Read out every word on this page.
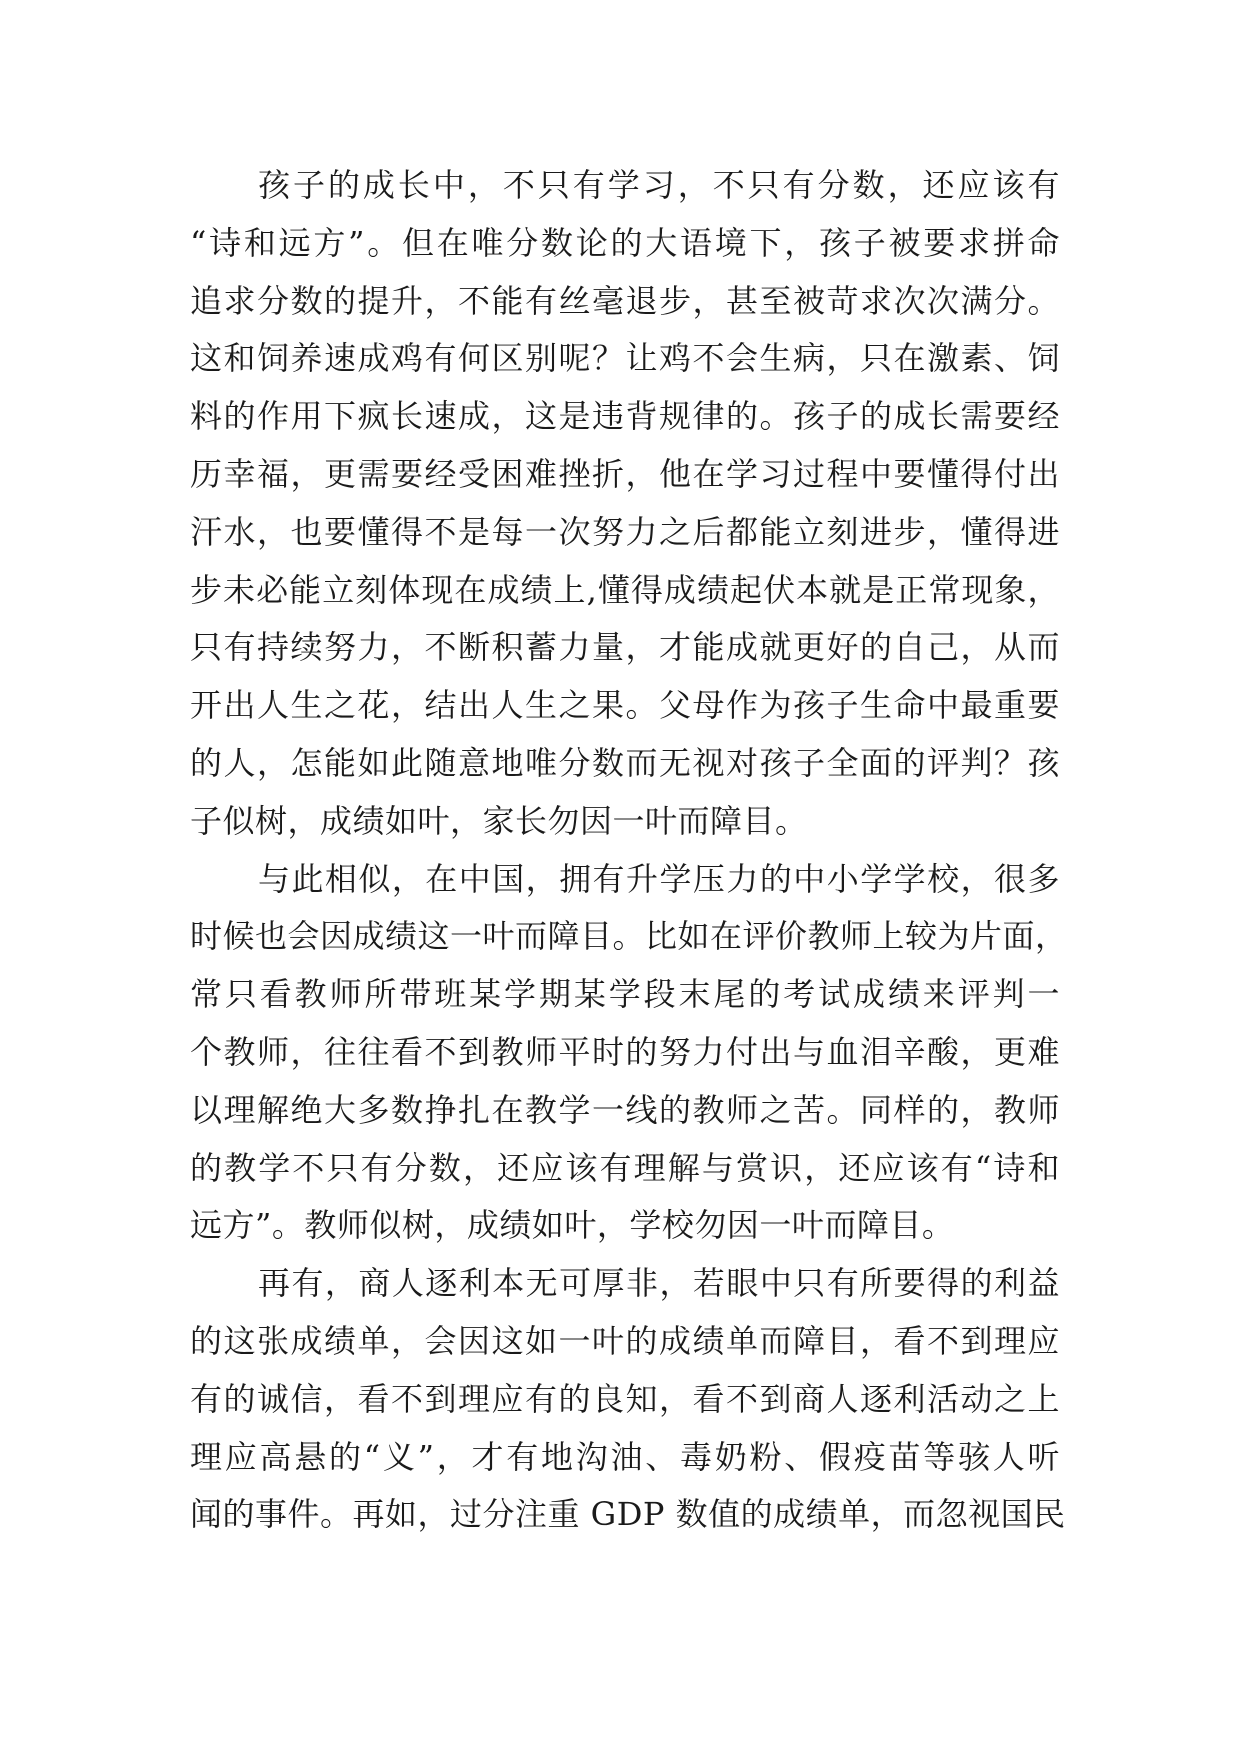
孩子的成长中，不只有学习，不只有分数，还应该有
“诗和远方”。但在唯分数论的大语境下，孩子被要求拼命
追求分数的提升，不能有丝毫退步，甚至被苛求次次满分。
这和饲养速成鸡有何区别呢？让鸡不会生病，只在激素、饲
料的作用下疯长速成，这是违背规律的。孩子的成长需要经
历幸福，更需要经受困难挫折，他在学习过程中要懂得付出
汗水，也要懂得不是每一次努力之后都能立刻进步，懂得进
步未必能立刻体现在成绩上,懂得成绩起伏本就是正常现象，
只有持续努力，不断积蓄力量，才能成就更好的自己，从而
开出人生之花，结出人生之果。父母作为孩子生命中最重要
的人，怎能如此随意地唯分数而无视对孩子全面的评判？孩
子似树，成绩如叶，家长勿因一叶而障目。
与此相似，在中国，拥有升学压力的中小学学校，很多
时候也会因成绩这一叶而障目。比如在评价教师上较为片面，
常只看教师所带班某学期某学段末尾的考试成绩来评判一
个教师，往往看不到教师平时的努力付出与血泪辛酸，更难
以理解绝大多数挣扎在教学一线的教师之苦。同样的，教师
的教学不只有分数，还应该有理解与赏识，还应该有“诗和
远方”。教师似树，成绩如叶，学校勿因一叶而障目。
再有，商人逐利本无可厚非，若眼中只有所要得的利益
的这张成绩单，会因这如一叶的成绩单而障目，看不到理应
有的诚信，看不到理应有的良知，看不到商人逐利活动之上
理应高悬的“义”，才有地沟油、毒奶粉、假疫苗等骇人听
闻的事件。再如，过分注重 GDP 数值的成绩单，而忽视国民
